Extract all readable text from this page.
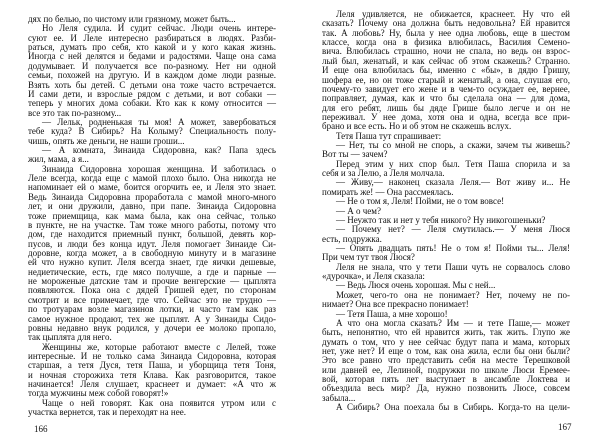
дях по белью, по чистому или грязному, может быть...
Но Леля судила. И судит сейчас. Люди очень интере-
суют ее. И Леле интересно разбираться в людях. Разби-
раться, думать про себя, кто какой и у кого какая жизнь.
Иногда с ней делятся и бедами и радостями. Чаще она сама
додумывает. И получается все по-разному. Нет ни одной
семьи, похожей на другую. И в каждом доме люди разные.
Взять хоть бы детей. С детьми она тоже часто встречается.
И сами дети, и взрослые рядом с детьми, и вот собаки —
теперь у многих дома собаки. Кто как к кому относится —
все это так по-разному...
— Лельк, родненькая ты моя! А может, завербоваться
тебе куда? В Сибирь? На Колыму? Специальность полу-
чишь, опять же деньги, не наши гроши...
— А комната, Зинаида Сидоровна, как? Папа здесь
жил, мама, а я...
Зинаида Сидоровна хорошая женщина. И заботилась о
Леле всегда, когда еще с мамой плохо было. Она никогда не
напоминает ей о маме, боится огорчить ее, и Леля это знает.
Ведь Зинаида Сидоровна проработала с мамой много-много
лет, и они дружили, давно, при папе. Зинаида Сидоровна
тоже приемщица, как мама была, как она сейчас, только
в пункте, не на участке. Там тоже много работы, потому что
дом, где находится приемный пункт, большой, девять кор-
пусов, и люди без конца идут. Леля помогает Зинаиде Си-
доровне, когда может, а в свободную минуту и в магазине
ей что нужно купит. Леля всегда знает, где яички дешевые,
недиетические, есть, где мясо получше, а где и парные —
не мороженые датские там и прочие венгерские — цыплята
появляются. Пока она с дядей Гришей едет, по сторонам
смотрит и все примечает, где что. Сейчас это не трудно —
по тротуарам возле магазинов лотки, и часто там как раз
самое нужное продают, тех же цыплят. А у Зинаиды Сидо-
ровны недавно внук родился, у дочери ее молоко пропало,
так цыплята для него.
Женщины же, которые работают вместе с Лелей, тоже
интересные. И не только сама Зинаида Сидоровна, которая
старшая, а тетя Дуся, тетя Паша, и уборщица тетя Тоня,
и ночная сторожиха тетя Клава. Как разговорится, такое
начинается! Леля слушает, краснеет и думает: «А что ж
тогда мужчины меж собой говорят!»
Чаще о ней говорят. Как она появится утром или с
участка вернется, так и переходят на нее.
166
Леля удивляется, не обижается, краснеет. Ну что ей
сказать? Почему она должна быть недовольна? Ей нравится
так. А любовь? Ну, была у нее одна любовь, еще в шестом
классе, когда она в физика влюбилась, Василия Семено-
вича. Влюбилась страшно, ночи не спала, но ведь он взрос-
лый был, женатый, и как сейчас об этом скажешь? Странно.
И еще она влюбилась бы, именно с «бы», в дядю Гришу,
шофера ее, но он тоже старый и женатый, а она, слушая его,
почему-то завидует его жене и в чем-то осуждает ее, вернее,
поправляет, думая, как и что бы сделала она — для дома,
для его ребят, лишь бы дяде Грише было легче и он не
переживал. У нее дома, хотя она и одна, всегда все при-
брано и все есть. Но и об этом не скажешь вслух.
Тетя Паша тут спрашивает:
— Нет, ты со мной не спорь, а скажи, зачем ты живешь?
Вот ты — зачем?
Перед этим у них спор был. Тетя Паша спорила и за
себя и за Лелю, а Леля молчала.
— Живу,— наконец сказала Леля.— Вот живу и... Не
помирать же! — Она рассмеялась.
— Не о том я, Леля! Пойми, не о том вовсе!
— А о чем?
— Неужто так и нет у тебя никого? Ну никогошеньки?
— Почему нет? — Леля смутилась.— У меня Люся
есть, подружка.
— Опять двадцать пять! Не о том я! Пойми ты... Леля!
При чем тут твоя Люся?
Леля не знала, что у тети Паши чуть не сорвалось слово
«дурочка», и Леля сказала:
— Ведь Люся очень хорошая. Мы с ней...
Может, чего-то она не понимает? Нет, почему не по-
нимает? Она все прекрасно понимает!
— Тетя Паша, а мне хорошо!
А что она могла сказать? Им — и тете Паше,— может
быть, непонятно, что ей нравится жить, так жить. Глупо же
думать о том, что у нее сейчас будут папа и мама, которых
нет, уже нет? И еще о том, как она жила, если бы они были?
Это все равно что представить себя на месте Терешковой
или давней ее, Лелиной, подружки по школе Люси Еремее-
вой, которая пять лет выступает в ансамбле Локтева и
объездила весь мир? Да, нужно позвонить Люсе, совсем
забыла...
А Сибирь? Она поехала бы в Сибирь. Когда-то на цели-
167
